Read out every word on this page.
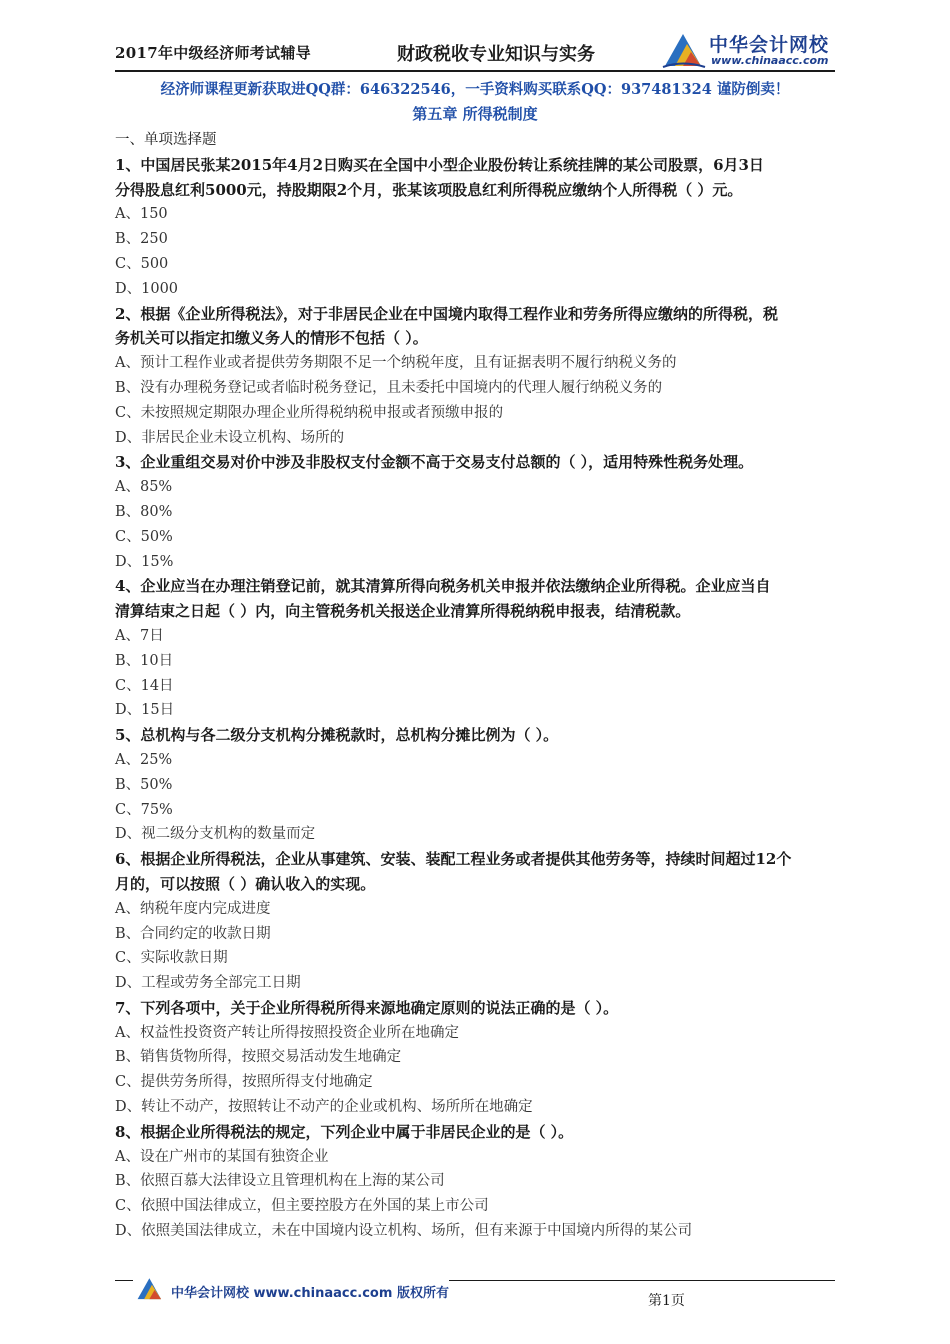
2017年中级经济师考试辅导	财政税收专业知识与实务	中华会计网校
www.chinaacc.com
经济师课程更新获取进QQ群：646322546，一手资料购买联系QQ：937481324 谨防倒卖！
第五章 所得税制度
一、单项选择题
1、中国居民张某2015年4月2日购买在全国中小型企业股份转让系统挂牌的某公司股票，6月3日
分得股息红利5000元，持股期限2个月，张某该项股息红利所得税应缴纳个人所得税（ ）元。
A、150
B、250
C、500
D、1000
2、根据《企业所得税法》，对于非居民企业在中国境内取得工程作业和劳务所得应缴纳的所得税，税
务机关可以指定扣缴义务人的情形不包括（ ）。
A、预计工程作业或者提供劳务期限不足一个纳税年度，且有证据表明不履行纳税义务的
B、没有办理税务登记或者临时税务登记，且未委托中国境内的代理人履行纳税义务的
C、未按照规定期限办理企业所得税纳税申报或者预缴申报的
D、非居民企业未设立机构、场所的
3、企业重组交易对价中涉及非股权支付金额不高于交易支付总额的（ ），适用特殊性税务处理。
A、85%
B、80%
C、50%
D、15%
4、企业应当在办理注销登记前，就其清算所得向税务机关申报并依法缴纳企业所得税。企业应当自
清算结束之日起（ ）内，向主管税务机关报送企业清算所得税纳税申报表，结清税款。
A、7日
B、10日
C、14日
D、15日
5、总机构与各二级分支机构分摊税款时，总机构分摊比例为（ ）。
A、25%
B、50%
C、75%
D、视二级分支机构的数量而定
6、根据企业所得税法，企业从事建筑、安装、装配工程业务或者提供其他劳务等，持续时间超过12个
月的，可以按照（ ）确认收入的实现。
A、纳税年度内完成进度
B、合同约定的收款日期
C、实际收款日期
D、工程或劳务全部完工日期
7、下列各项中，关于企业所得税所得来源地确定原则的说法正确的是（ ）。
A、权益性投资资产转让所得按照投资企业所在地确定
B、销售货物所得，按照交易活动发生地确定
C、提供劳务所得，按照所得支付地确定
D、转让不动产，按照转让不动产的企业或机构、场所所在地确定
8、根据企业所得税法的规定，下列企业中属于非居民企业的是（ ）。
A、设在广州市的某国有独资企业
B、依照百慕大法律设立且管理机构在上海的某公司
C、依照中国法律成立，但主要控股方在外国的某上市公司
D、依照美国法律成立，未在中国境内设立机构、场所，但有来源于中国境内所得的某公司
中华会计网校 www.chinaacc.com 版权所有	第1页
